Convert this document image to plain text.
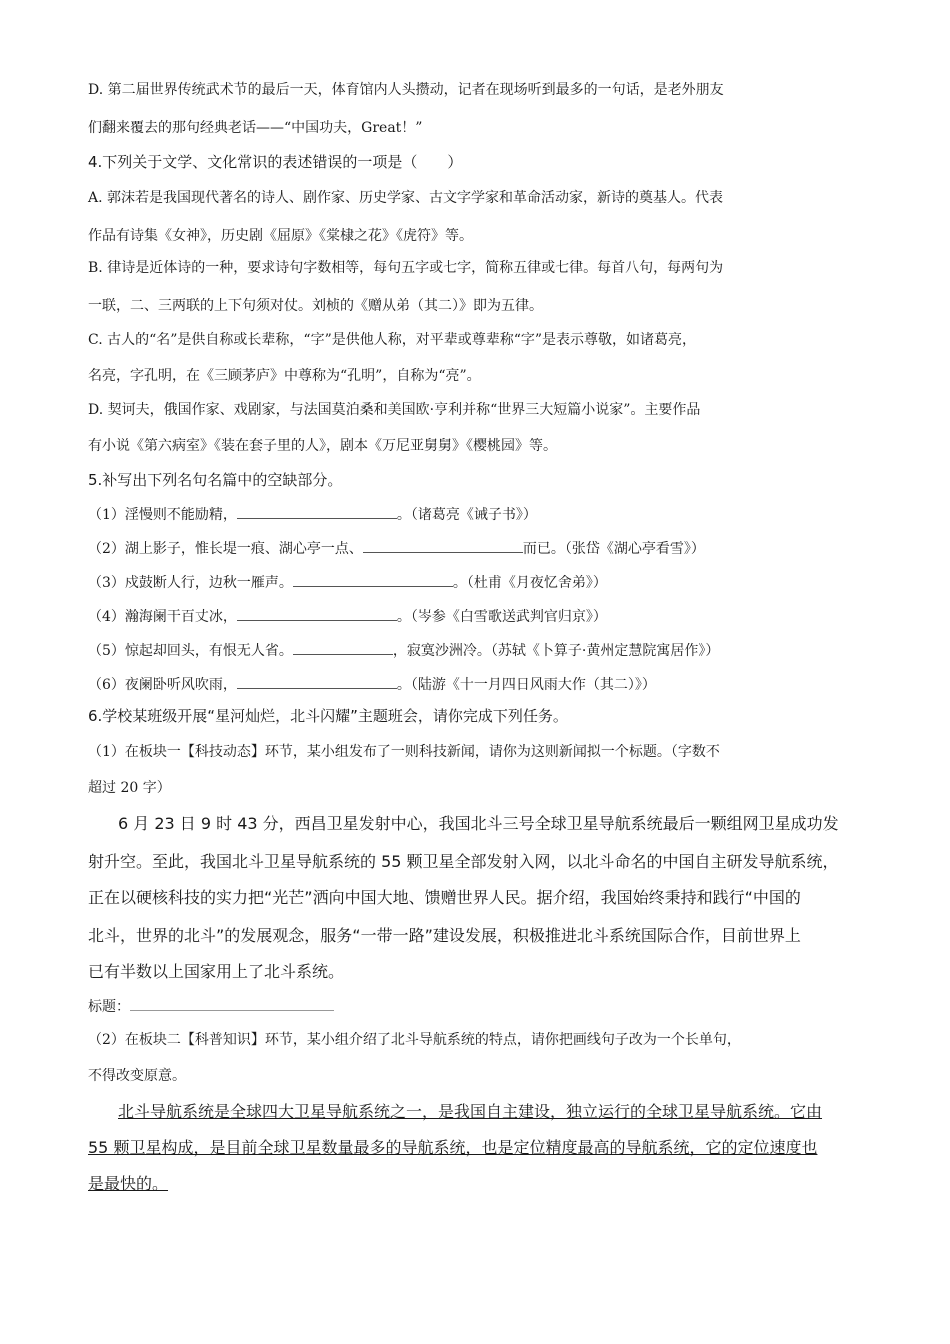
D. 第二届世界传统武术节的最后一天，体育馆内人头攒动，记者在现场听到最多的一句话，是老外朋友
们翻来覆去的那句经典老话——“中国功夫，Great！”
4.下列关于文学、文化常识的表述错误的一项是（　　）
A. 郭沫若是我国现代著名的诗人、剧作家、历史学家、古文字学家和革命活动家，新诗的奠基人。代表
作品有诗集《女神》，历史剧《屈原》《棠棣之花》《虎符》等。
B. 律诗是近体诗的一种，要求诗句字数相等，每句五字或七字，简称五律或七律。每首八句，每两句为
一联，二、三两联的上下句须对仗。刘桢的《赠从弟（其二）》即为五律。
C. 古人的“名”是供自称或长辈称，“字”是供他人称，对平辈或尊辈称“字”是表示尊敬，如诸葛亮，
名亮，字孔明，在《三顾茅庐》中尊称为“孔明”，自称为“亮”。
D. 契诃夫，俄国作家、戏剧家，与法国莫泊桑和美国欧·亨利并称“世界三大短篇小说家”。主要作品
有小说《第六病室》《装在套子里的人》，剧本《万尼亚舅舅》《樱桃园》等。
5.补写出下列名句名篇中的空缺部分。
（1）淫慢则不能励精，	。（诸葛亮《诫子书》）
（2）湖上影子，惟长堤一痕、湖心亭一点、	而已。（张岱《湖心亭看雪》）
（3）戍鼓断人行，边秋一雁声。	。（杜甫《月夜忆舍弟》）
（4）瀚海阑干百丈冰，	。（岑参《白雪歌送武判官归京》）
（5）惊起却回头，有恨无人省。	，寂寞沙洲冷。（苏轼《卜算子·黄州定慧院寓居作》）
（6）夜阑卧听风吹雨，	。（陆游《十一月四日风雨大作（其二）》）
6.学校某班级开展“星河灿烂，北斗闪耀”主题班会，请你完成下列任务。
（1）在板块一【科技动态】环节，某小组发布了一则科技新闻，请你为这则新闻拟一个标题。（字数不
超过 20 字）
6 月 23 日 9 时 43 分，西昌卫星发射中心，我国北斗三号全球卫星导航系统最后一颗组网卫星成功发
射升空。至此，我国北斗卫星导航系统的 55 颗卫星全部发射入网，以北斗命名的中国自主研发导航系统，
正在以硬核科技的实力把“光芒”洒向中国大地、馈赠世界人民。据介绍，我国始终秉持和践行“中国的
北斗，世界的北斗”的发展观念，服务“一带一路”建设发展，积极推进北斗系统国际合作，目前世界上
已有半数以上国家用上了北斗系统。
标题：
（2）在板块二【科普知识】环节，某小组介绍了北斗导航系统的特点，请你把画线句子改为一个长单句，
不得改变原意。
北斗导航系统是全球四大卫星导航系统之一，是我国自主建设，独立运行的全球卫星导航系统。它由
55 颗卫星构成，是目前全球卫星数量最多的导航系统，也是定位精度最高的导航系统，它的定位速度也
是最快的。
